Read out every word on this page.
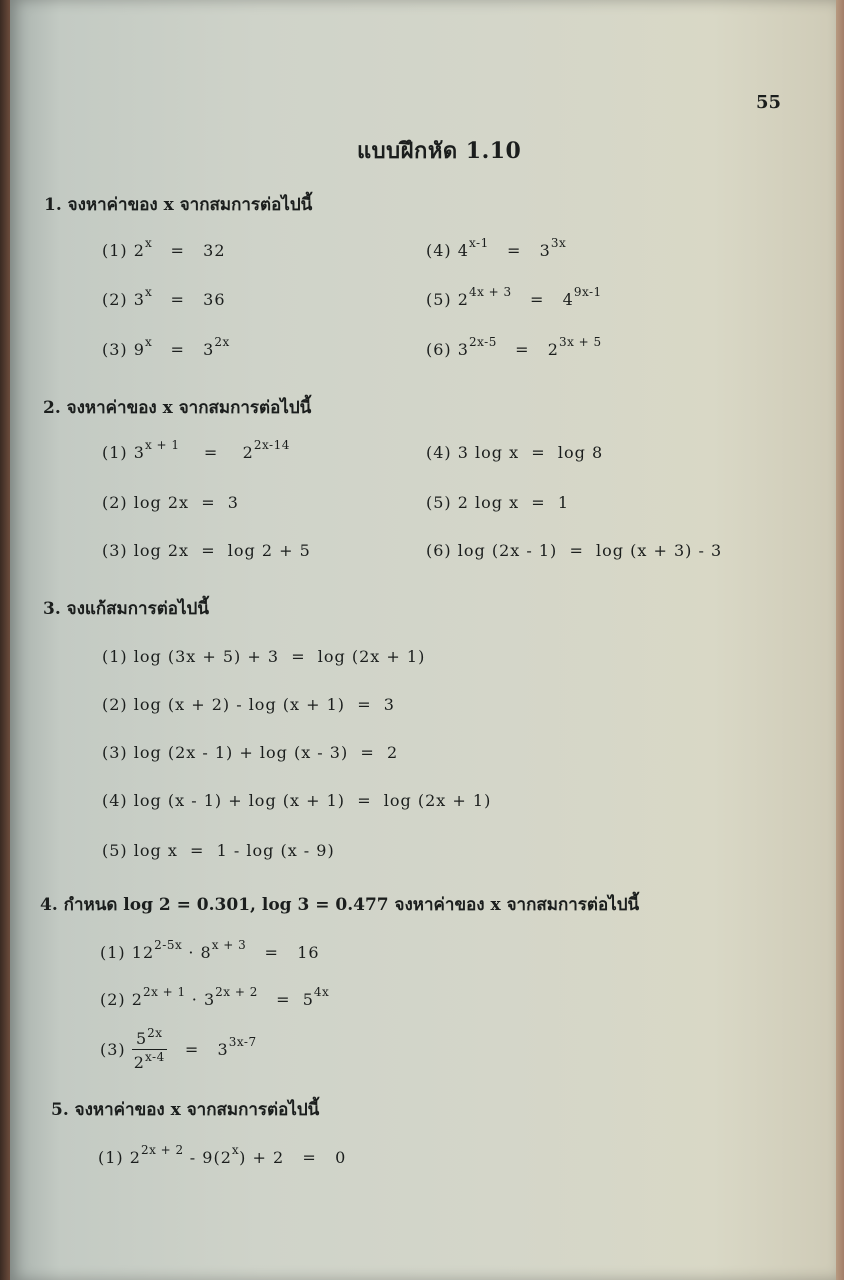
55
แบบฝึกหัด 1.10
1. จงหาค่าของ x จากสมการต่อไปนี้
(1) $2^x = 32$
(2) $3^x = 36$
(3) $9^x = 3^{2x}$
(4) $4^{x-1} = 3^{3x}$
(5) $2^{4x + 3} = 4^{9x-1}$
(6) $3^{2x-5} = 2^{3x + 5}$
2. จงหาค่าของ x จากสมการต่อไปนี้
(1) $3^{x + 1} = 2^{2x-14}$
(2) log 2x  =  3
(3) log 2x  =  log 2 + 5
(4) 3 log x  =  log 8
(5) 2 log x  =  1
(6) log (2x - 1)  =  log (x + 3) - 3
3. จงแก้สมการต่อไปนี้
(1) log (3x + 5) + 3  =  log (2x + 1)
(2) log (x + 2) - log (x + 1)  =  3
(3) log (2x - 1) + log (x - 3)  =  2
(4) log (x - 1) + log (x + 1)  =  log (2x + 1)
(5) log x  =  1 - log (x - 9)
4. กำหนด log 2 = 0.301, log 3 = 0.477 จงหาค่าของ x จากสมการต่อไปนี้
(1) $12^{2-5x} \cdot 8^{x + 3} = 16$
(2) $2^{2x + 1} \cdot 3^{2x + 2} = 5^{4x}$
$(3) \frac{5^{2x}}{2^{x-4}} = 3^{3x-7}$
5. จงหาค่าของ x จากสมการต่อไปนี้
(1) $2^{2x + 2} - 9(2^x) + 2 = 0$
